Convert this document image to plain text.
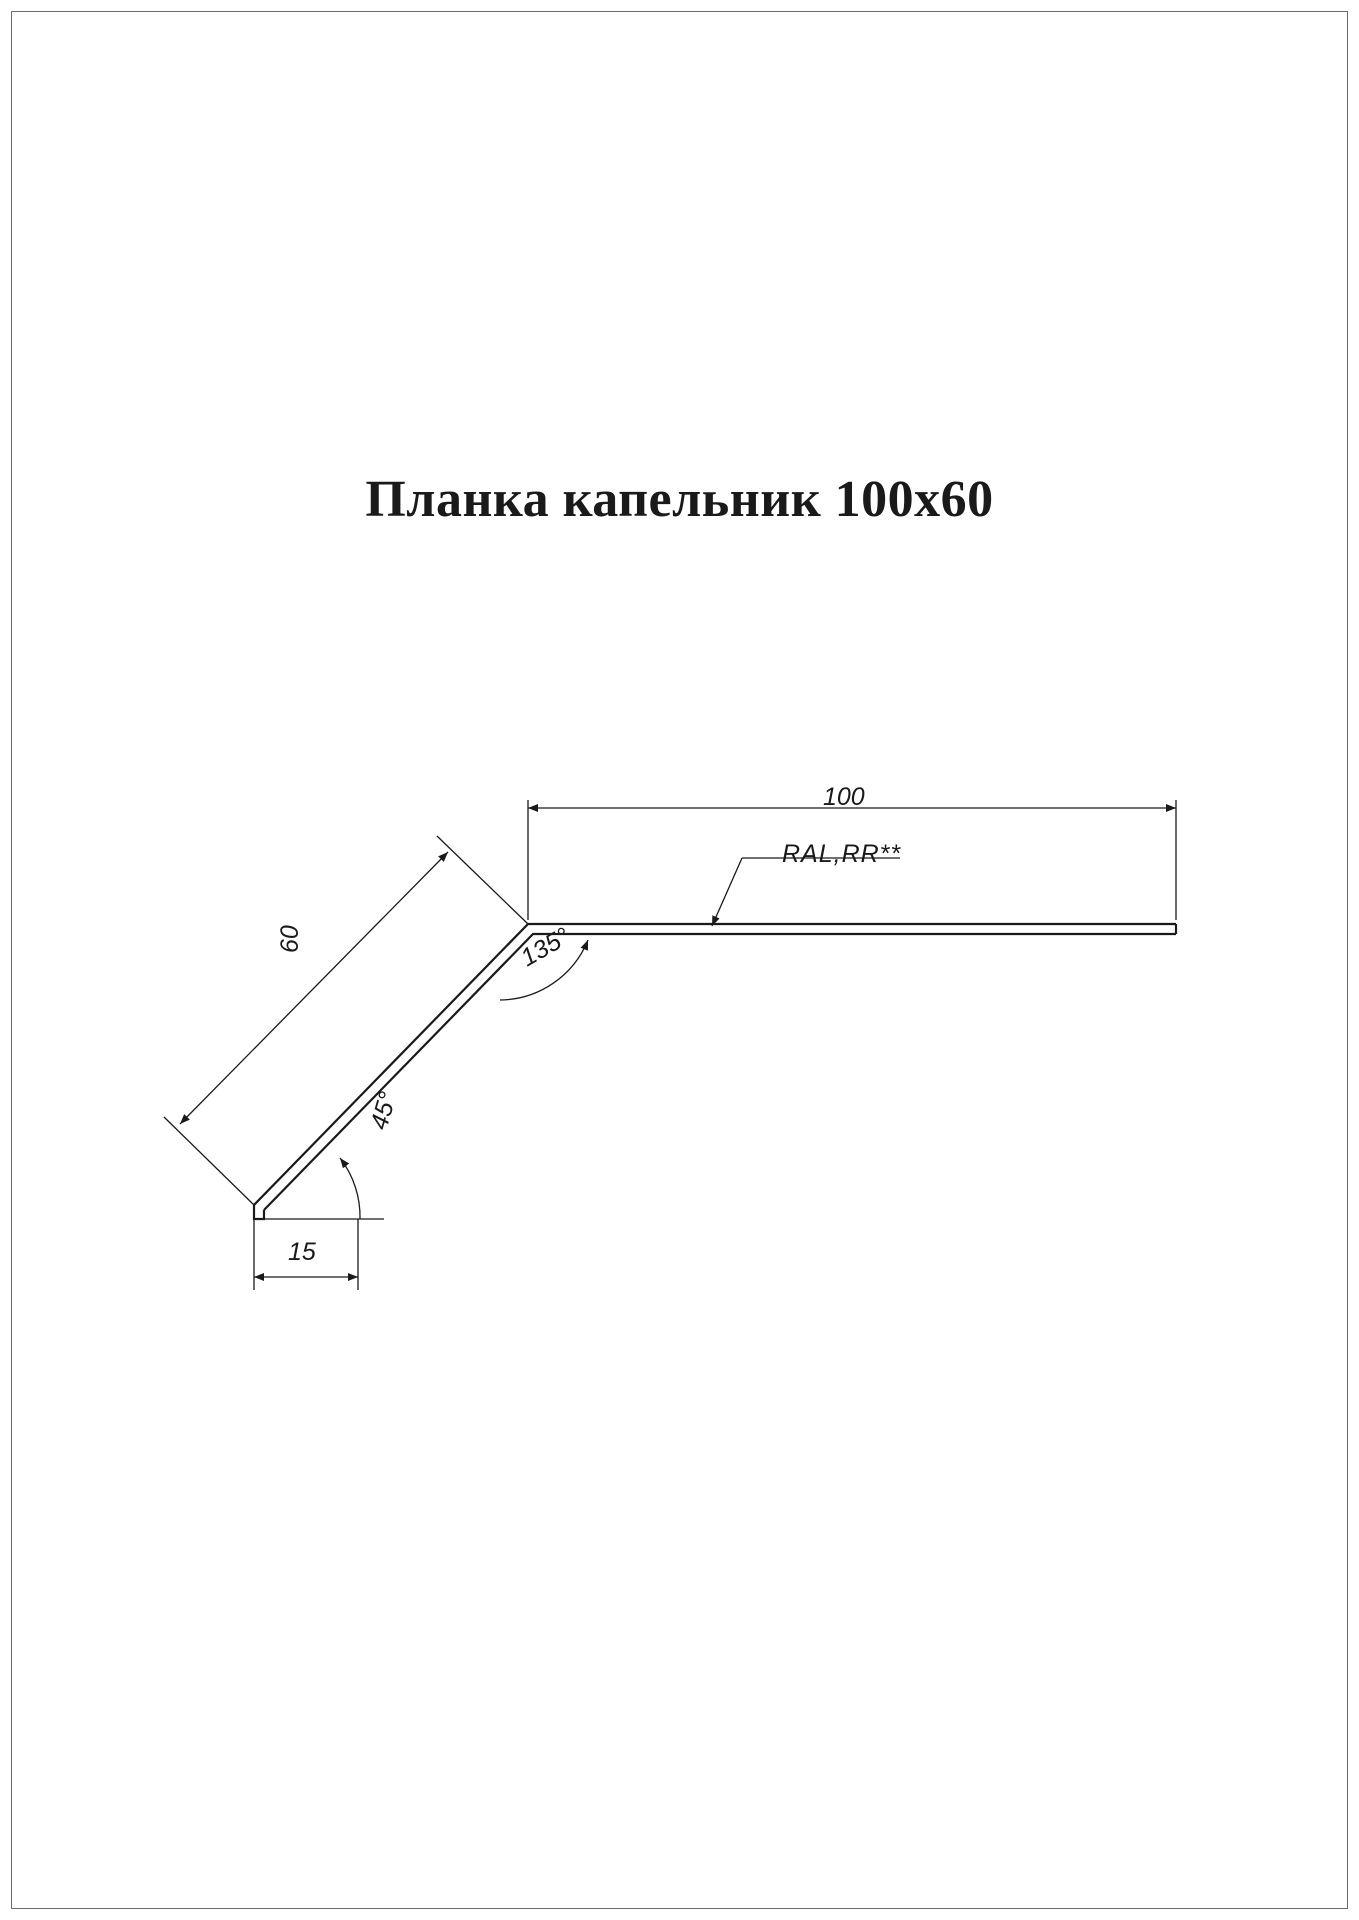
Планка капельник 100x60
100
RAL,RR**
135°
60
45°
15
